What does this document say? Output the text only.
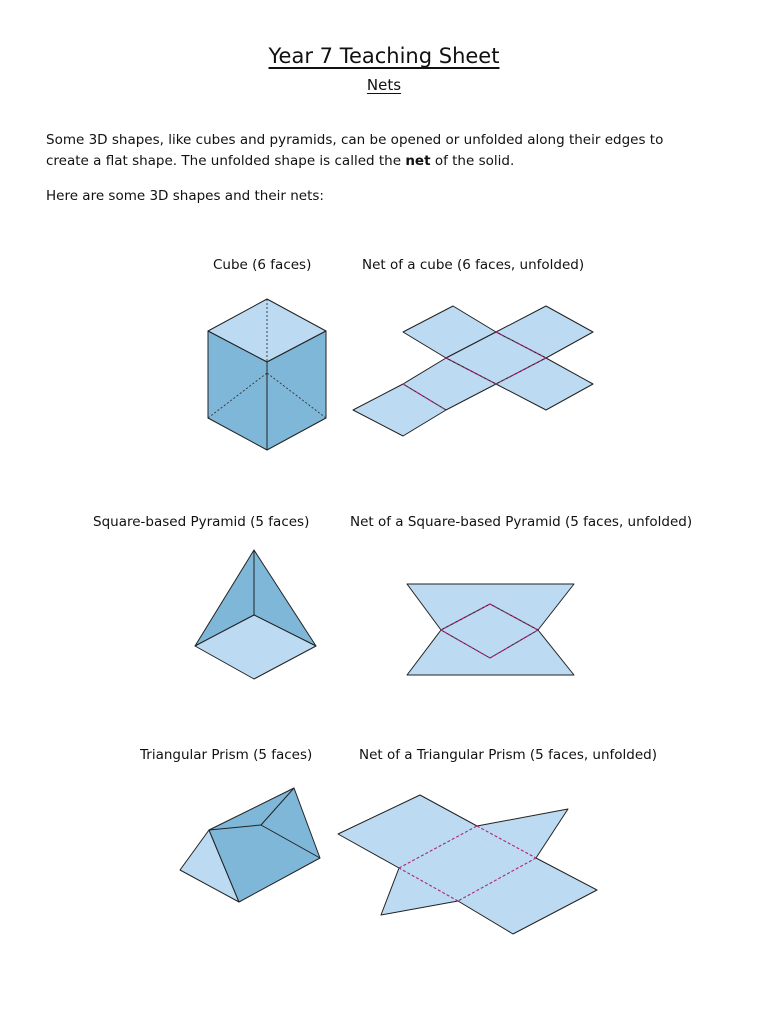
Year 7 Teaching Sheet
Nets
Some 3D shapes, like cubes and pyramids, can be opened or unfolded along their edges to
create a flat shape. The unfolded shape is called the net of the solid.
Here are some 3D shapes and their nets:
Cube (6 faces)	Net of a cube (6 faces, unfolded)
Square-based Pyramid (5 faces)	Net of a Square-based Pyramid (5 faces, unfolded)
Triangular Prism (5 faces)	Net of a Triangular Prism (5 faces, unfolded)
